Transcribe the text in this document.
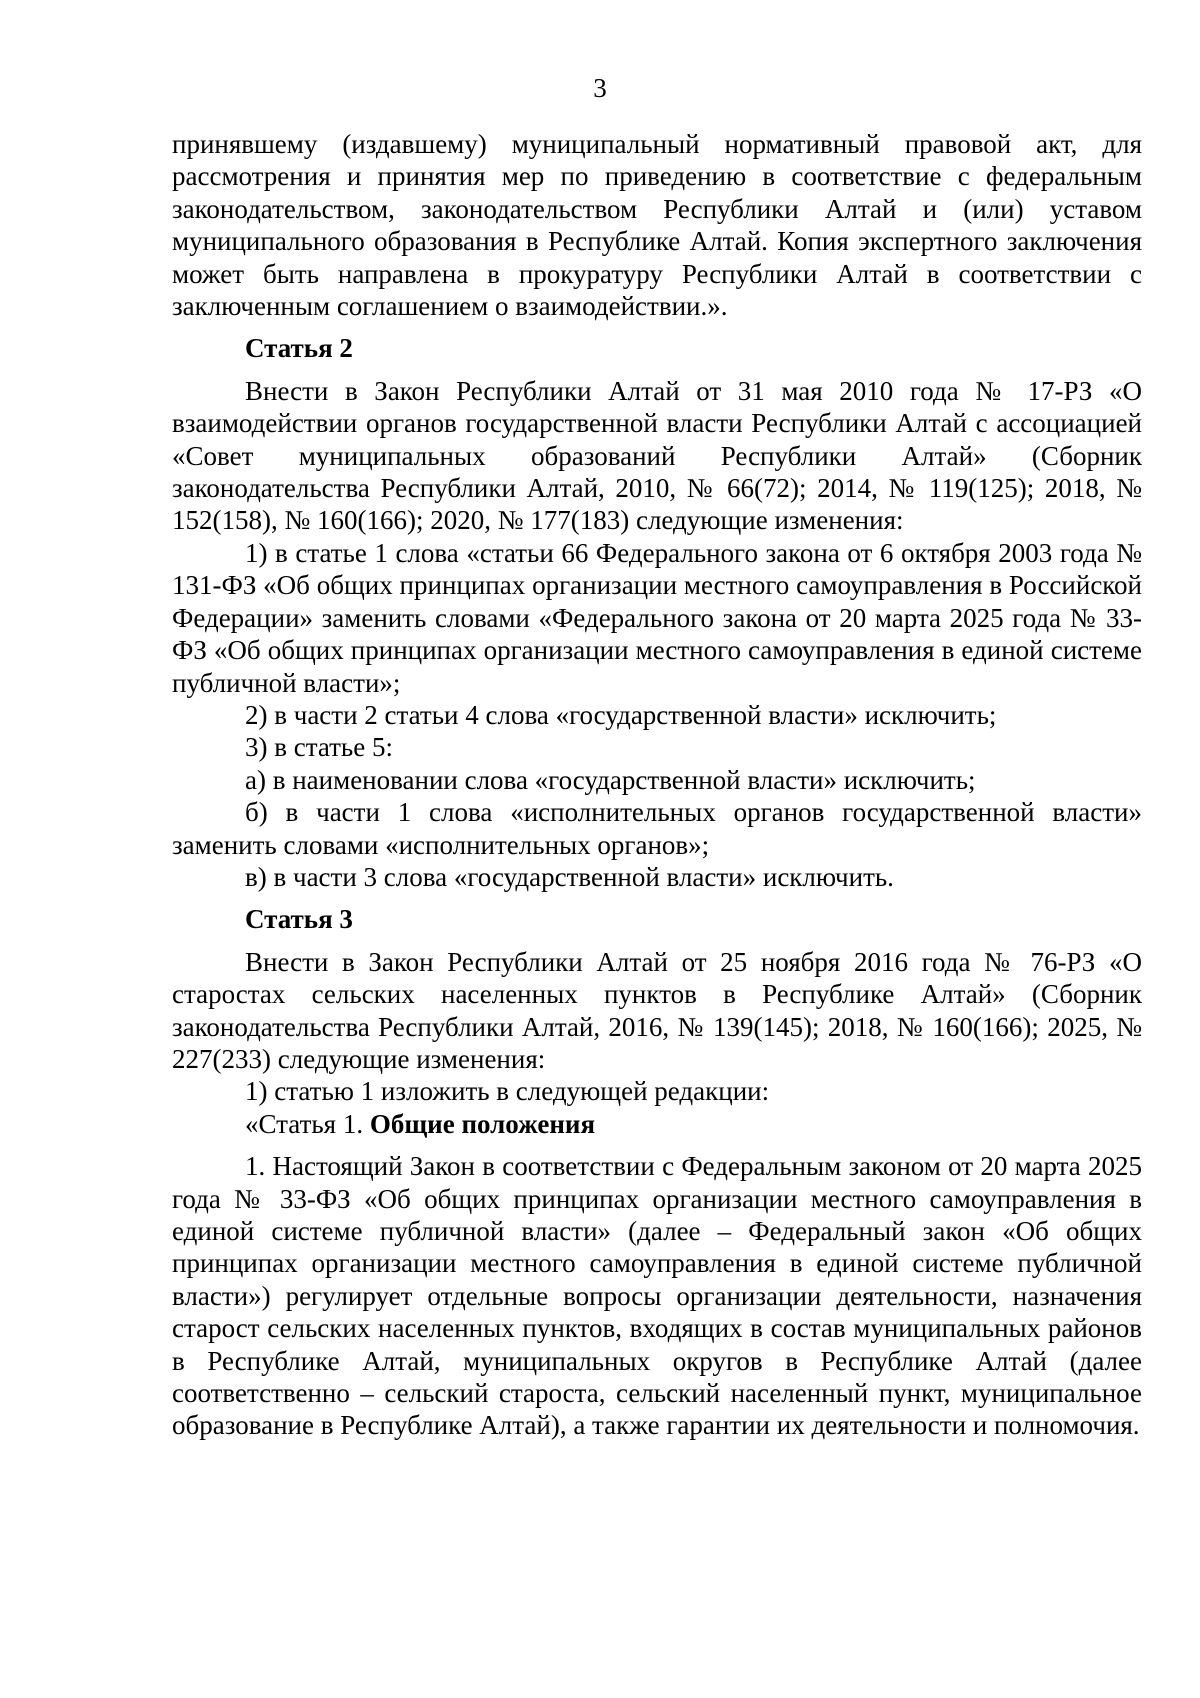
3

принявшему (издавшему) муниципальный нормативный правовой акт, для рассмотрения и принятия мер по приведению в соответствие с федеральным законодательством, законодательством Республики Алтай и (или) уставом муниципального образования в Республике Алтай. Копия экспертного заключения может быть направлена в прокуратуру Республики Алтай в соответствии с заключенным соглашением о взаимодействии.».

Статья 2

Внести в Закон Республики Алтай от 31 мая 2010 года № 17-РЗ «О взаимодействии органов государственной власти Республики Алтай с ассоциацией «Совет муниципальных образований Республики Алтай» (Сборник законодательства Республики Алтай, 2010, № 66(72); 2014, № 119(125); 2018, № 152(158), № 160(166); 2020, № 177(183) следующие изменения:

1) в статье 1 слова «статьи 66 Федерального закона от 6 октября 2003 года № 131-ФЗ «Об общих принципах организации местного самоуправления в Российской Федерации» заменить словами «Федерального закона от 20 марта 2025 года № 33-ФЗ «Об общих принципах организации местного самоуправления в единой системе публичной власти»;

2) в части 2 статьи 4 слова «государственной власти» исключить;

3) в статье 5:

а) в наименовании слова «государственной власти» исключить;

б) в части 1 слова «исполнительных органов государственной власти» заменить словами «исполнительных органов»;

в) в части 3 слова «государственной власти» исключить.

Статья 3

Внести в Закон Республики Алтай от 25 ноября 2016 года № 76-РЗ «О старостах сельских населенных пунктов в Республике Алтай» (Сборник законодательства Республики Алтай, 2016, № 139(145); 2018, № 160(166); 2025, № 227(233) следующие изменения:

1) статью 1 изложить в следующей редакции:

«Статья 1. Общие положения

1. Настоящий Закон в соответствии с Федеральным законом от 20 марта 2025 года № 33-ФЗ «Об общих принципах организации местного самоуправления в единой системе публичной власти» (далее – Федеральный закон «Об общих принципах организации местного самоуправления в единой системе публичной власти») регулирует отдельные вопросы организации деятельности, назначения старост сельских населенных пунктов, входящих в состав муниципальных районов в Республике Алтай, муниципальных округов в Республике Алтай (далее соответственно – сельский староста, сельский населенный пункт, муниципальное образование в Республике Алтай), а также гарантии их деятельности и полномочия.
